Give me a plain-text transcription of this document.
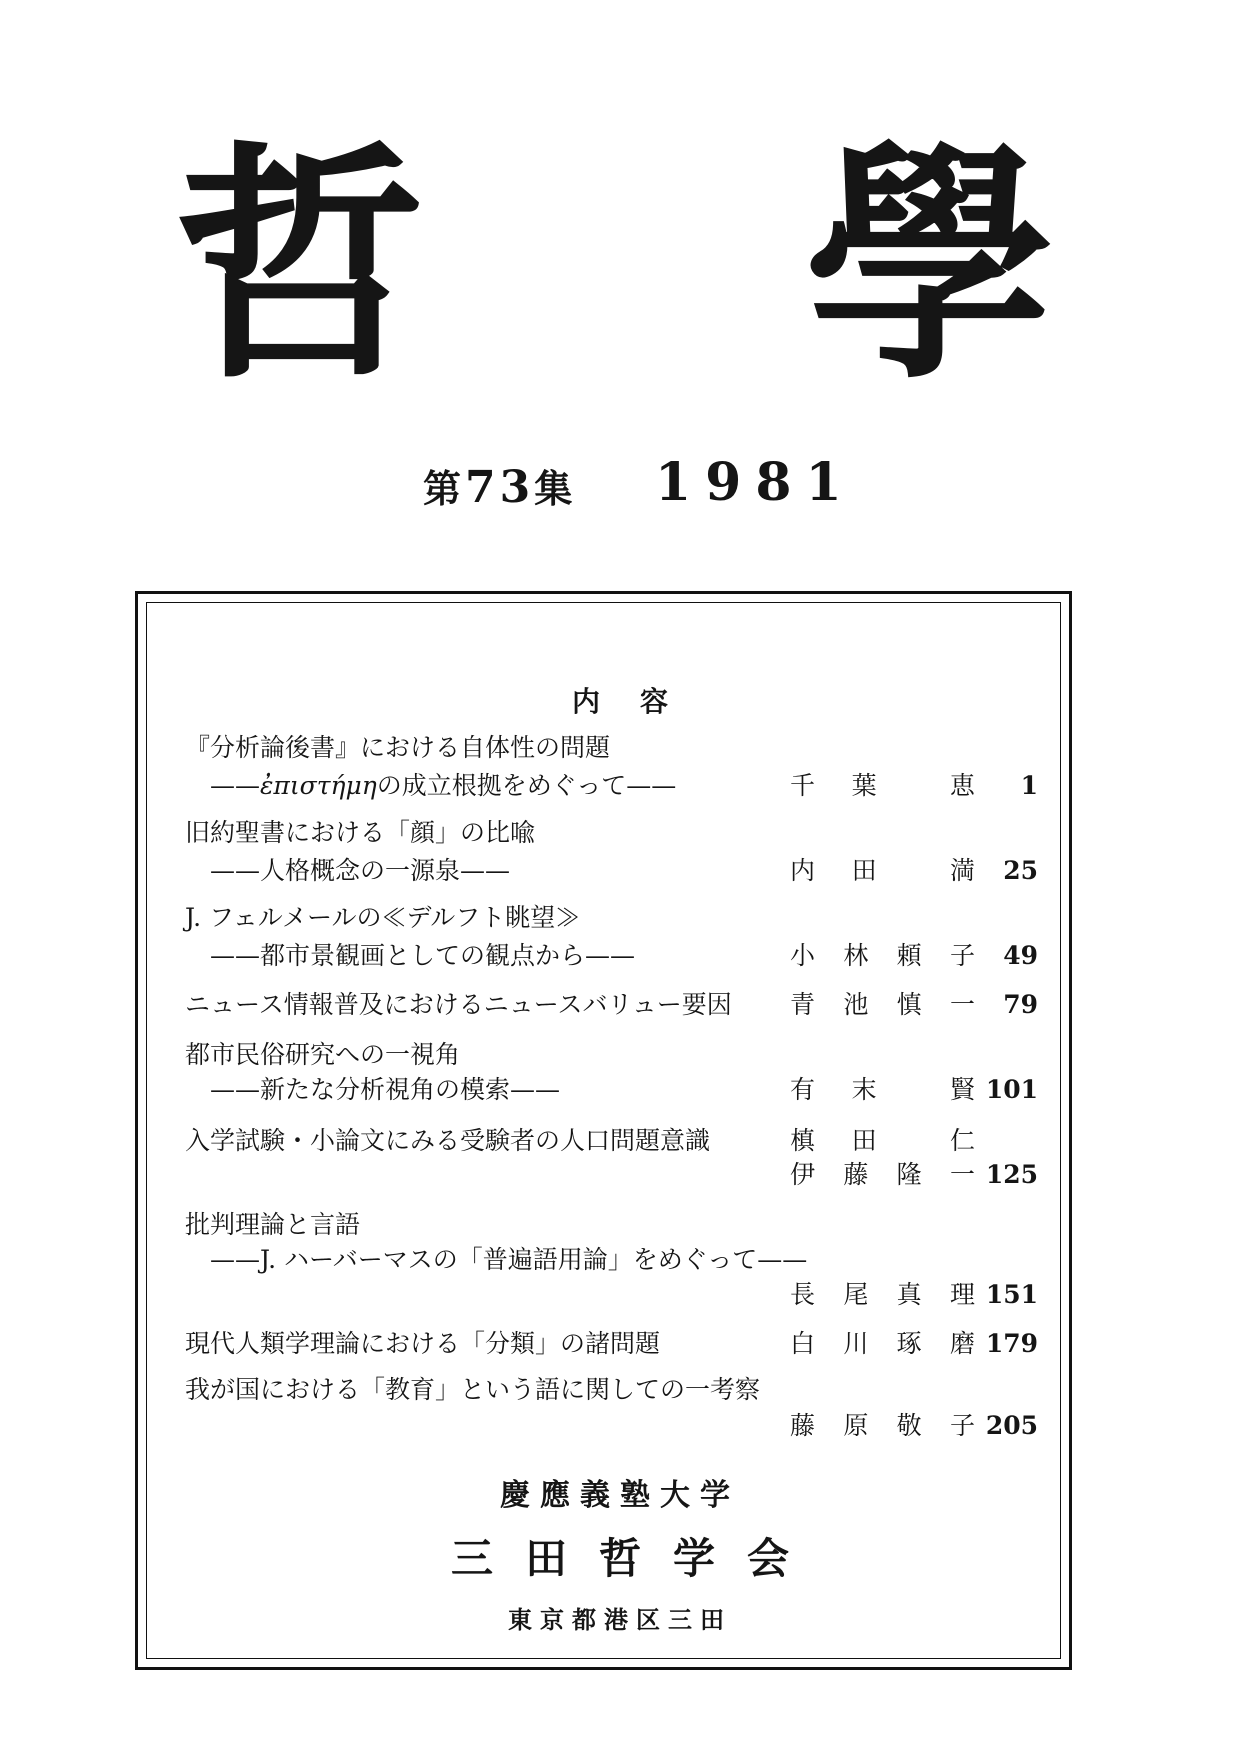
哲 學
第73集 1981
内容
『分析論後書』における自体性の問題
——ἐπιστήμηの成立根拠をめぐって——	千 葉	恵 1
旧約聖書における「顔」の比喩
——人格概念の一源泉——	内 田	満 25
J. フェルメールの≪デルフト眺望≫
——都市景観画としての観点から——	小 林 頼 子 49
ニュース情報普及におけるニュースバリュー要因 青 池 慎 一 79
都市民俗研究への一視角
——新たな分析視角の模索——	有 末	賢 101
入学試験・小論文にみる受験者の人口問題意識	槙 田	仁
伊 藤 隆 一 125
批判理論と言語
——J. ハーバーマスの「普遍語用論」をめぐって——
長 尾 真 理 151
現代人類学理論における「分類」の諸問題	白 川 琢 磨 179
我が国における「教育」という語に関しての一考察
藤 原 敬 子 205
慶應義塾大学
三田哲学会
東京都港区三田
